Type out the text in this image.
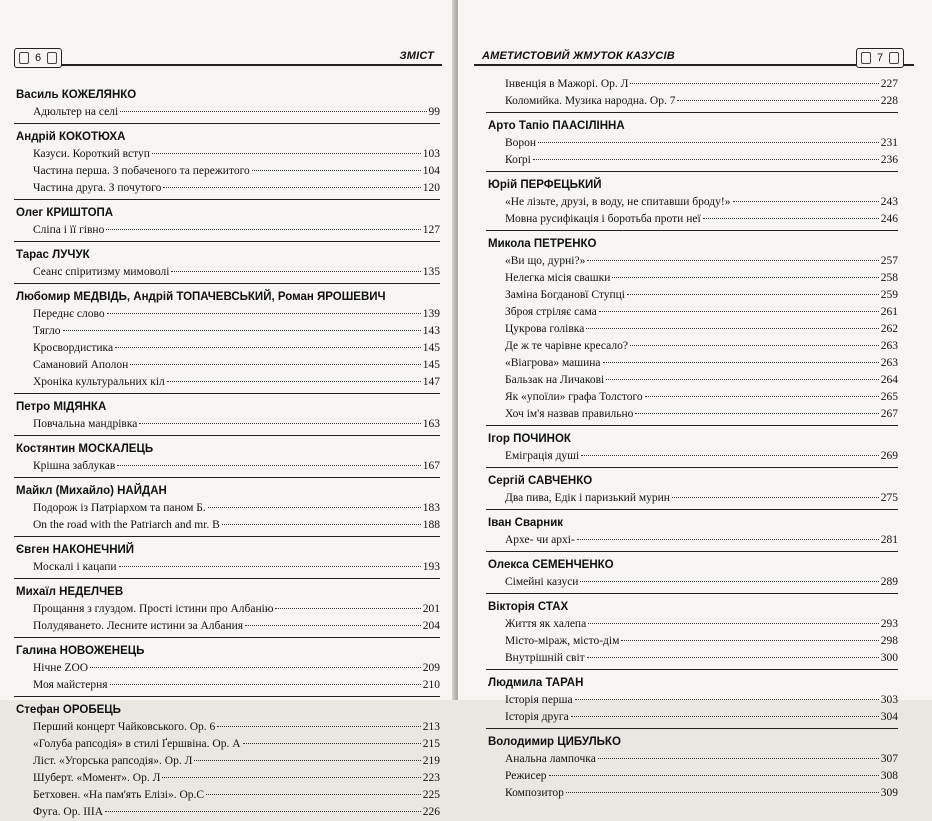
6	ЗМІСТ
Василь КОЖЕЛЯНКО
Адюльтер на селі	99
Андрій КОКОТЮХА
Казуси. Короткий вступ	103
Частина перша. З побаченого та пережитого	104
Частина друга. З почутого	120
Олег КРИШТОПА
Сліпа і її гівно	127
Тарас ЛУЧУК
Сеанс спіритизму мимоволі	135
Любомир МЕДВІДЬ, Андрій ТОПАЧЕВСЬКИЙ, Роман ЯРОШЕВИЧ
Переднє слово	139
Тягло	143
Кросвордистика	145
Самановий Аполон	145
Хроніка культуральних кіл	147
Петро МІДЯНКА
Повчальна мандрівка	163
Костянтин МОСКАЛЕЦЬ
Крішна заблукав	167
Майкл (Михайло) НАЙДАН
Подорож із Патріархом та паном Б.	183
On the road with the Patriarch and mr. B	188
Євген НАКОНЕЧНИЙ
Москалі і кацапи	193
Михаїл НЕДЕЛЧЕВ
Прощання з глуздом. Прості істини про Албанію	201
Полудяването. Лесните истини за Албания	204
Галина НОВОЖЕНЕЦЬ
Нічне ZOO	209
Моя майстерня	210
Стефан ОРОБЕЦЬ
Перший концерт Чайковського. Ор. 6	213
«Голуба рапсодія» в стилі Ґершвіна. Ор. А	215
Ліст. «Угорська рапсодія». Ор. Л	219
Шуберт. «Момент». Ор. Л	223
Бетховен. «На пам'ять Елізі». Ор.С	225
Фуга. Ор. ІІІА	226
АМЕТИСТОВИЙ ЖМУТОК КАЗУСІВ	7
Інвенція в Мажорі. Ор. Л	227
Коломийка. Музика народна. Ор. 7	228
Арто Тапіо ПААСІЛІННА
Ворон	231
Коґрі	236
Юрій ПЕРФЕЦЬКИЙ
«Не лізьте, друзі, в воду, не спитавши броду!»	243
Мовна русифікація і боротьба проти неї	246
Микола ПЕТРЕНКО
«Ви що, дурні?»	257
Нелегка місія свашки	258
Заміна Богдановї Ступці	259
Зброя стріляє сама	261
Цукрова голівка	262
Де ж те чарівне кресало?	263
«Віагрова» машина	263
Бальзак на Личакові	264
Як «упоїли» графа Толстого	265
Хоч ім'я назвав правильно	267
Ігор ПОЧИНОК
Еміграція душі	269
Сергій САВЧЕНКО
Два пива, Едік і паризький мурин	275
Іван Сварник
Архе- чи архі-	281
Олекса СЕМЕНЧЕНКО
Сімейні казуси	289
Вікторія СТАХ
Життя як халепа	293
Місто-міраж, місто-дім	298
Внутрішній світ	300
Людмила ТАРАН
Історія перша	303
Історія друга	304
Володимир ЦИБУЛЬКО
Анальна лампочка	307
Режисер	308
Композитор	309
